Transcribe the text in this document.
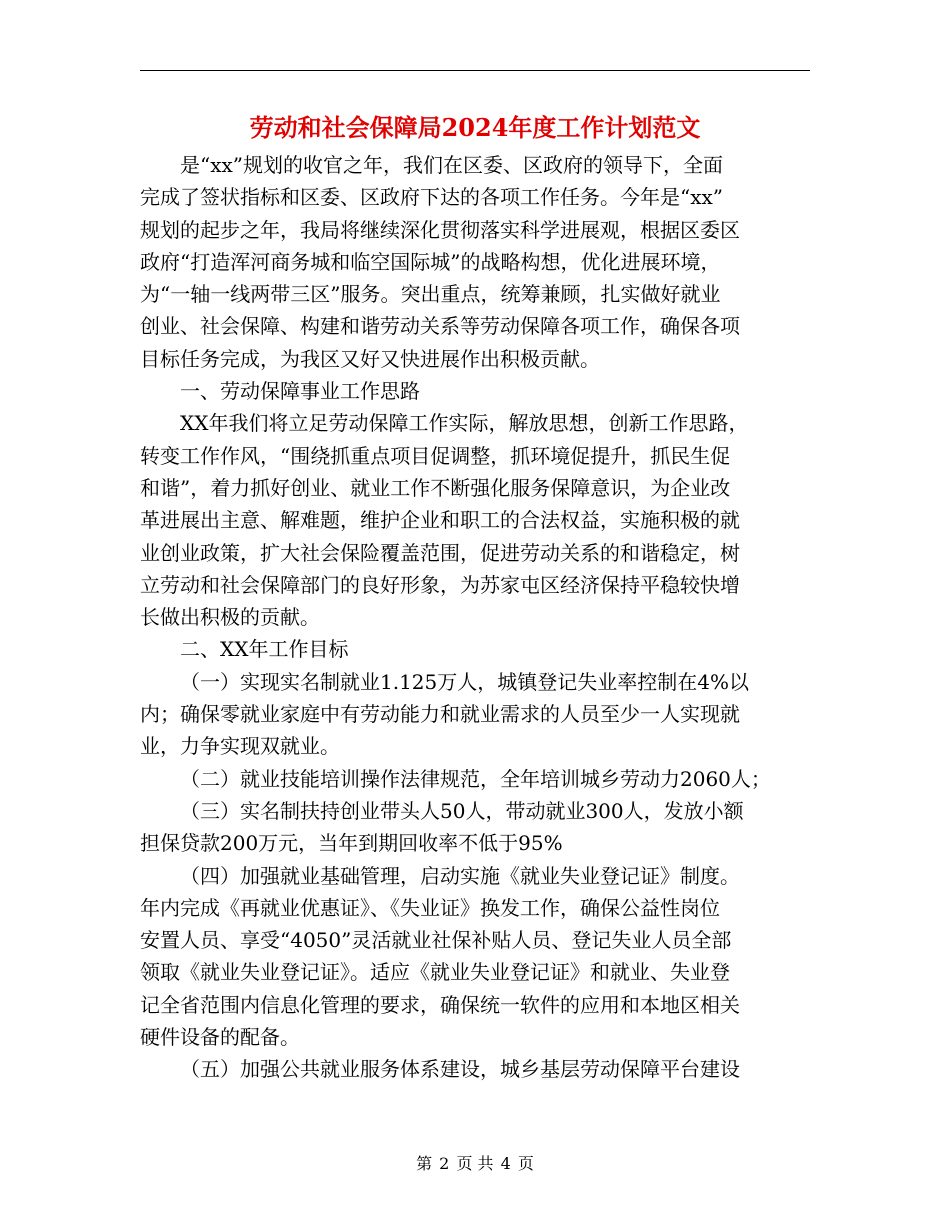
劳动和社会保障局2024年度工作计划范文
是“xx”规划的收官之年，我们在区委、区政府的领导下，全面
完成了签状指标和区委、区政府下达的各项工作任务。今年是“xx”
规划的起步之年，我局将继续深化贯彻落实科学进展观，根据区委区
政府“打造浑河商务城和临空国际城”的战略构想，优化进展环境，
为“一轴一线两带三区”服务。突出重点，统筹兼顾，扎实做好就业
创业、社会保障、构建和谐劳动关系等劳动保障各项工作，确保各项
目标任务完成，为我区又好又快进展作出积极贡献。
一、劳动保障事业工作思路
XX年我们将立足劳动保障工作实际，解放思想，创新工作思路，
转变工作作风，“围绕抓重点项目促调整，抓环境促提升，抓民生促
和谐”，着力抓好创业、就业工作不断强化服务保障意识，为企业改
革进展出主意、解难题，维护企业和职工的合法权益，实施积极的就
业创业政策，扩大社会保险覆盖范围，促进劳动关系的和谐稳定，树
立劳动和社会保障部门的良好形象，为苏家屯区经济保持平稳较快增
长做出积极的贡献。
二、XX年工作目标
（一）实现实名制就业1.125万人，城镇登记失业率控制在4%以
内；确保零就业家庭中有劳动能力和就业需求的人员至少一人实现就
业，力争实现双就业。
（二）就业技能培训操作法律规范，全年培训城乡劳动力2060人；
（三）实名制扶持创业带头人50人，带动就业300人，发放小额
担保贷款200万元，当年到期回收率不低于95%
（四）加强就业基础管理，启动实施《就业失业登记证》制度。
年内完成《再就业优惠证》、《失业证》换发工作，确保公益性岗位
安置人员、享受“4050”灵活就业社保补贴人员、登记失业人员全部
领取《就业失业登记证》。适应《就业失业登记证》和就业、失业登
记全省范围内信息化管理的要求，确保统一软件的应用和本地区相关
硬件设备的配备。
（五）加强公共就业服务体系建设，城乡基层劳动保障平台建设
第 2 页 共 4 页
